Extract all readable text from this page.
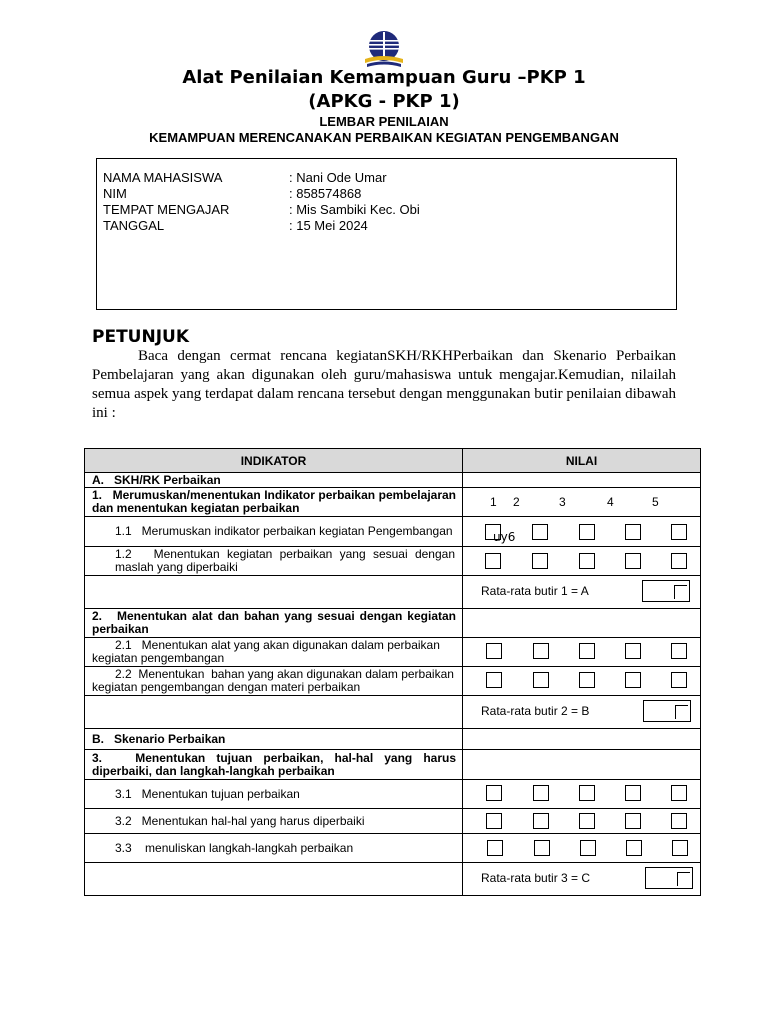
Alat Penilaian Kemampuan Guru –PKP 1
(APKG - PKP 1)
LEMBAR PENILAIAN
KEMAMPUAN MERENCANAKAN PERBAIKAN KEGIATAN PENGEMBANGAN
NAMA MAHASISWA	: Nani Ode Umar
NIM	: 858574868
TEMPAT MENGAJAR	: Mis Sambiki Kec. Obi
TANGGAL	: 15 Mei 2024
PETUNJUK
Baca dengan cermat rencana kegiatanSKH/RKHPerbaikan dan Skenario Perbaikan Pembelajaran yang akan digunakan oleh guru/mahasiswa untuk mengajar.Kemudian, nilailah semua aspek yang terdapat dalam rencana tersebut dengan menggunakan butir penilaian dibawah ini :
INDIKATOR	NILAI
A.   SKH/RK Perbaikan	
1.   Merumuskan/menentukan Indikator perbaikan pembelajaran dan menentukan kegiatan perbaikan	1 2 3 4 5

1.1   Merumuskan indikator perbaikan kegiatan Pengembangan	uy6

1.2   Menentukan kegiatan perbaikan yang sesuai dengan maslah yang diperbaiki	

	Rata-rata butir 1 = A

2.   Menentukan alat dan bahan yang sesuai dengan kegiatan perbaikan	
2.1   Menentukan alat yang akan digunakan dalam perbaikan kegiatan pengembangan	

2.2  Menentukan  bahan yang akan digunakan dalam perbaikan kegiatan pengembangan dengan materi perbaikan	

	Rata-rata butir 2 = B

B.   Skenario Perbaikan	
3.   Menentukan tujuan perbaikan, hal-hal yang harus diperbaiki, dan langkah-langkah perbaikan	
3.1   Menentukan tujuan perbaikan	

3.2   Menentukan hal-hal yang harus diperbaiki	

3.3    menuliskan langkah-langkah perbaikan	

	Rata-rata butir 3 = C
